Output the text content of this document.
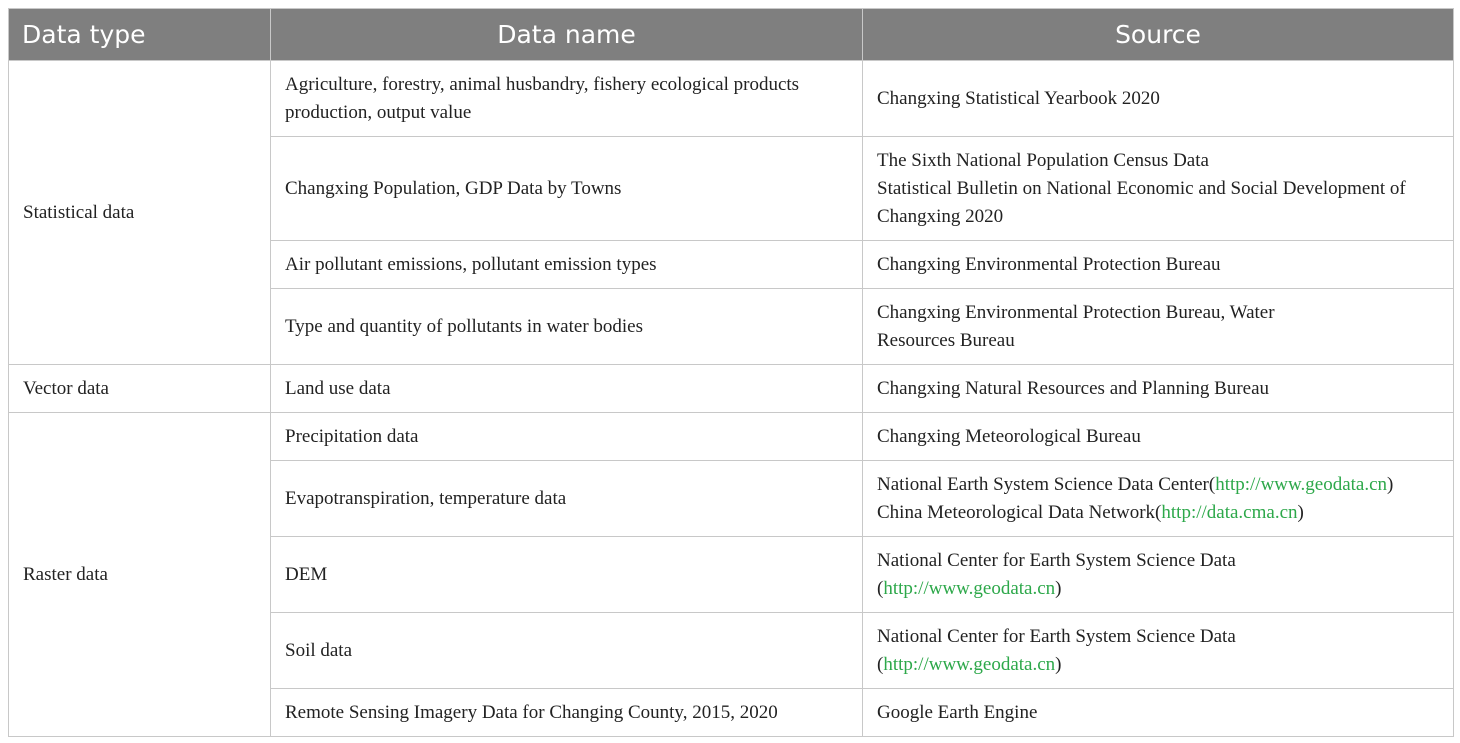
Data type	Data name	Source
Statistical data	Agriculture, forestry, animal husbandry, fishery ecological products production, output value	Changxing Statistical Yearbook 2020

	Changxing Population, GDP Data by Towns	The Sixth National Population Census Data
Statistical Bulletin on National Economic and Social Development of Changxing 2020

	Air pollutant emissions, pollutant emission types	Changxing Environmental Protection Bureau

	Type and quantity of pollutants in water bodies	Changxing Environmental Protection Bureau, Water
Resources Bureau

Vector data	Land use data	Changxing Natural Resources and Planning Bureau

Raster data	Precipitation data	Changxing Meteorological Bureau

	Evapotranspiration, temperature data	National Earth System Science Data Center(http://www.geodata.cn)
China Meteorological Data Network(http://data.cma.cn)

	DEM	National Center for Earth System Science Data
(http://www.geodata.cn)

	Soil data	National Center for Earth System Science Data
(http://www.geodata.cn)

	Remote Sensing Imagery Data for Changing County, 2015, 2020	Google Earth Engine
